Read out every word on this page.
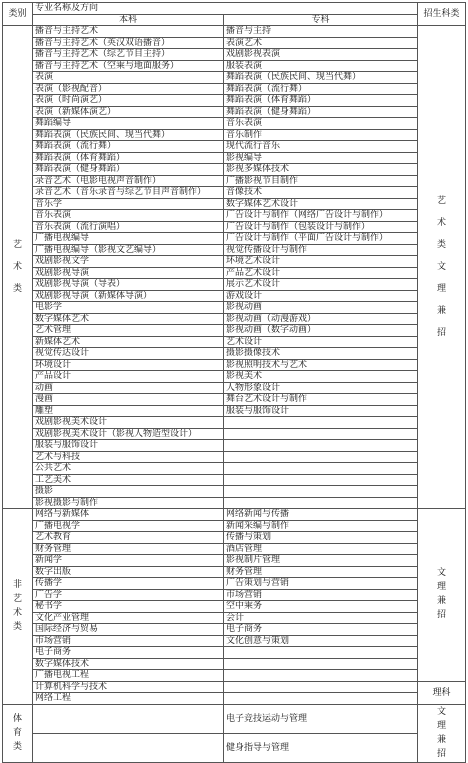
类别	专业名称及方向		招生科类
	本科	专科	
艺术类	播音与主持艺术	播音与主持	艺术类文理兼招
	播音与主持艺术（英汉双语播音）	表演艺术	
	播音与主持艺术（综艺节目主持）	戏剧影视表演	
	播音与主持艺术（空乘与地面服务）	服装表演	
	表演	舞蹈表演（民族民间、现当代舞）	
	表演（影视配音）	舞蹈表演（流行舞）	
	表演（时尚演艺）	舞蹈表演（体育舞蹈）	
	表演（新媒体演艺）	舞蹈表演（健身舞蹈）	
	舞蹈编导	音乐表演	
	舞蹈表演（民族民间、现当代舞）	音乐制作	
	舞蹈表演（流行舞）	现代流行音乐	
	舞蹈表演（体育舞蹈）	影视编导	
	舞蹈表演（健身舞蹈）	影视多媒体技术	
	录音艺术（电影电视声音制作）	广播影视节目制作	
	录音艺术（音乐录音与综艺节目声音制作）	音像技术	
	音乐学	数字媒体艺术设计	
	音乐表演	广告设计与制作（网络广告设计与制作）	
	音乐表演（流行演唱）	广告设计与制作（包装设计与制作）	
	广播电视编导	广告设计与制作（平面广告设计与制作）	
	广播电视编导（影视文艺编导）	视觉传播设计与制作	
	戏剧影视文学	环境艺术设计	
	戏剧影视导演	产品艺术设计	
	戏剧影视导演（导表）	展示艺术设计	
	戏剧影视导演（新媒体导演）	游戏设计	
	电影学	影视动画	
	数字媒体艺术	影视动画（动漫游戏）	
	艺术管理	影视动画（数字动画）	
	新媒体艺术	艺术设计	
	视觉传达设计	摄影摄像技术	
	环境设计	影视照明技术与艺术	
	产品设计	影视美术	
	动画	人物形象设计	
	漫画	舞台艺术设计与制作	
	雕塑	服装与服饰设计	
	戏剧影视美术设计		
	戏剧影视美术设计（影视人物造型设计）		
	服装与服饰设计		
	艺术与科技		
	公共艺术		
	工艺美术		
	摄影		
	影视摄影与制作		
非艺术类	网络与新媒体	网络新闻与传播	文理兼招
	广播电视学	新闻采编与制作	
	艺术教育	传播与策划	
	财务管理	酒店管理	
	新闻学	影视制片管理	
	数字出版	财务管理	
	传播学	广告策划与营销	
	广告学	市场营销	
	秘书学	空中乘务	
	文化产业管理	会计	
	国际经济与贸易	电子商务	
	市场营销	文化创意与策划	
	电子商务		
	数字媒体技术		
	广播电视工程		
	计算机科学与技术		理科
	网络工程		
体育类		电子竞技运动与管理	文理兼招
		健身指导与管理	
